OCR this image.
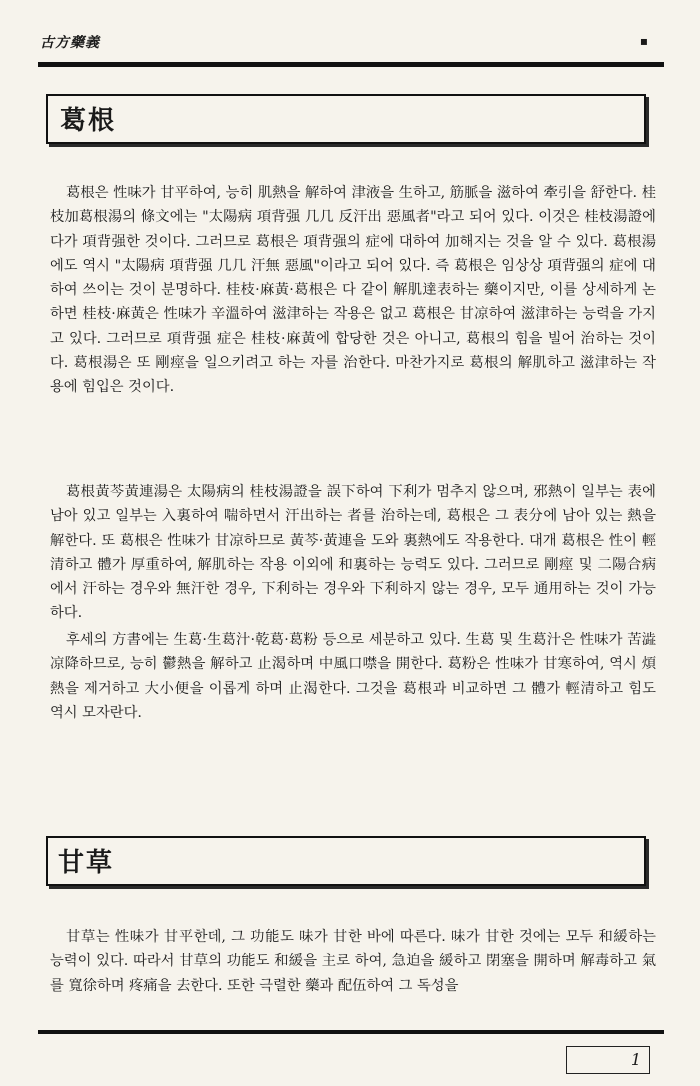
古方藥義	▪
葛根

葛根은 性味가 甘平하여, 능히 肌熱을 解하여 津液을 生하고, 筋脈을 滋하여 牽引을 舒한다. 桂枝加葛根湯의 條文에는 "太陽病 項背强 几几 反汗出 惡風者"라고 되어 있다. 이것은 桂枝湯證에다가 項背强한 것이다. 그러므로 葛根은 項背强의 症에 대하여 加해지는 것을 알 수 있다. 葛根湯에도 역시 "太陽病 項背强 几几 汗無 惡風"이라고 되어 있다. 즉 葛根은 임상상 項背强의 症에 대하여 쓰이는 것이 분명하다. 桂枝·麻黃·葛根은 다 같이 解肌達表하는 藥이지만, 이를 상세하게 논하면 桂枝·麻黃은 性味가 辛溫하여 滋津하는 작용은 없고 葛根은 甘凉하여 滋津하는 능력을 가지고 있다. 그러므로 項背强 症은 桂枝·麻黃에 합당한 것은 아니고, 葛根의 힘을 빌어 治하는 것이다. 葛根湯은 또 剛痙을 일으키려고 하는 자를 治한다. 마찬가지로 葛根의 解肌하고 滋津하는 작용에 힘입은 것이다.

葛根黃芩黃連湯은 太陽病의 桂枝湯證을 誤下하여 下利가 멈추지 않으며, 邪熱이 일부는 表에 남아 있고 일부는 入裏하여 喘하면서 汗出하는 者를 治하는데, 葛根은 그 表分에 남아 있는 熱을 解한다. 또 葛根은 性味가 甘凉하므로 黃芩·黃連을 도와 裏熱에도 작용한다. 대개 葛根은 性이 輕清하고 體가 厚重하여, 解肌하는 작용 이외에 和裏하는 능력도 있다. 그러므로 剛痙 및 二陽合病에서 汗하는 경우와 無汗한 경우, 下利하는 경우와 下利하지 않는 경우, 모두 通用하는 것이 가능하다.

후세의 方書에는 生葛·生葛汁·乾葛·葛粉 등으로 세분하고 있다. 生葛 및 生葛汁은 性味가 苦澁凉降하므로, 능히 鬱熱을 解하고 止渴하며 中風口噤을 開한다. 葛粉은 性味가 甘寒하여, 역시 煩熱을 제거하고 大小便을 이롭게 하며 止渴한다. 그것을 葛根과 비교하면 그 體가 輕清하고 힘도 역시 모자란다.

甘草

甘草는 性味가 甘平한데, 그 功能도 味가 甘한 바에 따른다. 味가 甘한 것에는 모두 和緩하는 능력이 있다. 따라서 甘草의 功能도 和緩을 主로 하여, 急迫을 緩하고 閉塞을 開하며 解毒하고 氣를 寬徐하며 疼痛을 去한다. 또한 극렬한 藥과 配伍하여 그 독성을

1
